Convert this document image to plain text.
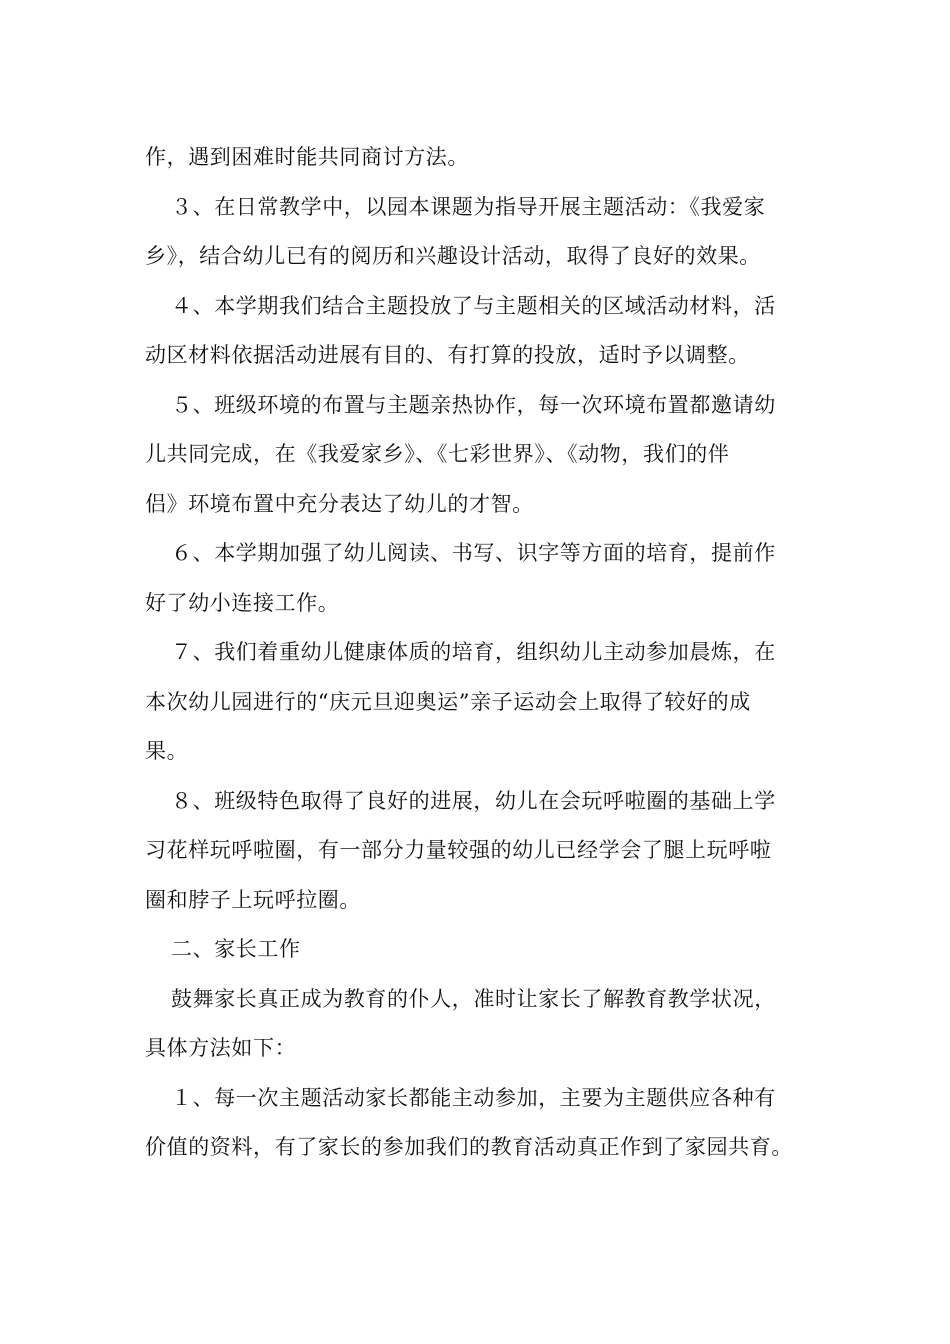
作，遇到困难时能共同商讨方法。

３、在日常教学中，以园本课题为指导开展主题活动：《我爱家
乡》，结合幼儿已有的阅历和兴趣设计活动，取得了良好的效果。

４、本学期我们结合主题投放了与主题相关的区域活动材料，活
动区材料依据活动进展有目的、有打算的投放，适时予以调整。

５、班级环境的布置与主题亲热协作，每一次环境布置都邀请幼
儿共同完成，在《我爱家乡》、《七彩世界》、《动物，我们的伴
侣》环境布置中充分表达了幼儿的才智。

６、本学期加强了幼儿阅读、书写、识字等方面的培育，提前作
好了幼小连接工作。

７、我们着重幼儿健康体质的培育，组织幼儿主动参加晨炼，在
本次幼儿园进行的“庆元旦迎奥运”亲子运动会上取得了较好的成
果。

８、班级特色取得了良好的进展，幼儿在会玩呼啦圈的基础上学
习花样玩呼啦圈，有一部分力量较强的幼儿已经学会了腿上玩呼啦
圈和脖子上玩呼拉圈。

二、家长工作

鼓舞家长真正成为教育的仆人，准时让家长了解教育教学状况，
具体方法如下：

１、每一次主题活动家长都能主动参加，主要为主题供应各种有
价值的资料，有了家长的参加我们的教育活动真正作到了家园共育。
